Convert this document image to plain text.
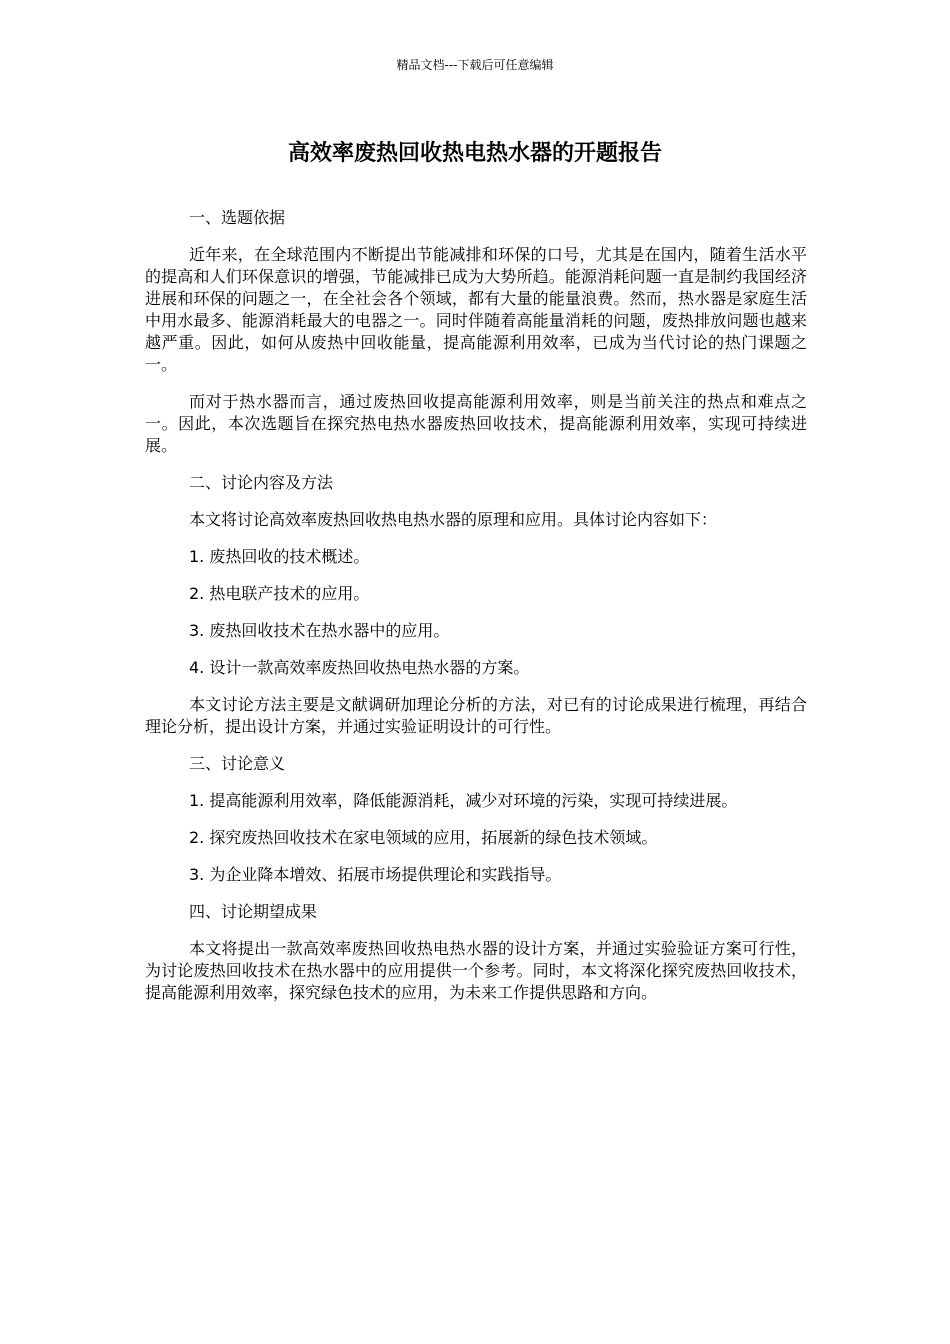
精品文档---下载后可任意编辑
高效率废热回收热电热水器的开题报告

一、选题依据

近年来，在全球范围内不断提出节能减排和环保的口号，尤其是在国内，随着生活水平的提高和人们环保意识的增强，节能减排已成为大势所趋。能源消耗问题一直是制约我国经济进展和环保的问题之一，在全社会各个领域，都有大量的能量浪费。然而，热水器是家庭生活中用水最多、能源消耗最大的电器之一。同时伴随着高能量消耗的问题，废热排放问题也越来越严重。因此，如何从废热中回收能量，提高能源利用效率，已成为当代讨论的热门课题之一。

而对于热水器而言，通过废热回收提高能源利用效率，则是当前关注的热点和难点之一。因此，本次选题旨在探究热电热水器废热回收技术，提高能源利用效率，实现可持续进展。

二、讨论内容及方法

本文将讨论高效率废热回收热电热水器的原理和应用。具体讨论内容如下：

1. 废热回收的技术概述。

2. 热电联产技术的应用。

3. 废热回收技术在热水器中的应用。

4. 设计一款高效率废热回收热电热水器的方案。

本文讨论方法主要是文献调研加理论分析的方法，对已有的讨论成果进行梳理，再结合理论分析，提出设计方案，并通过实验证明设计的可行性。

三、讨论意义

1. 提高能源利用效率，降低能源消耗，减少对环境的污染，实现可持续进展。

2. 探究废热回收技术在家电领域的应用，拓展新的绿色技术领域。

3. 为企业降本增效、拓展市场提供理论和实践指导。

四、讨论期望成果

本文将提出一款高效率废热回收热电热水器的设计方案，并通过实验验证方案可行性，为讨论废热回收技术在热水器中的应用提供一个参考。同时，本文将深化探究废热回收技术，提高能源利用效率，探究绿色技术的应用，为未来工作提供思路和方向。
